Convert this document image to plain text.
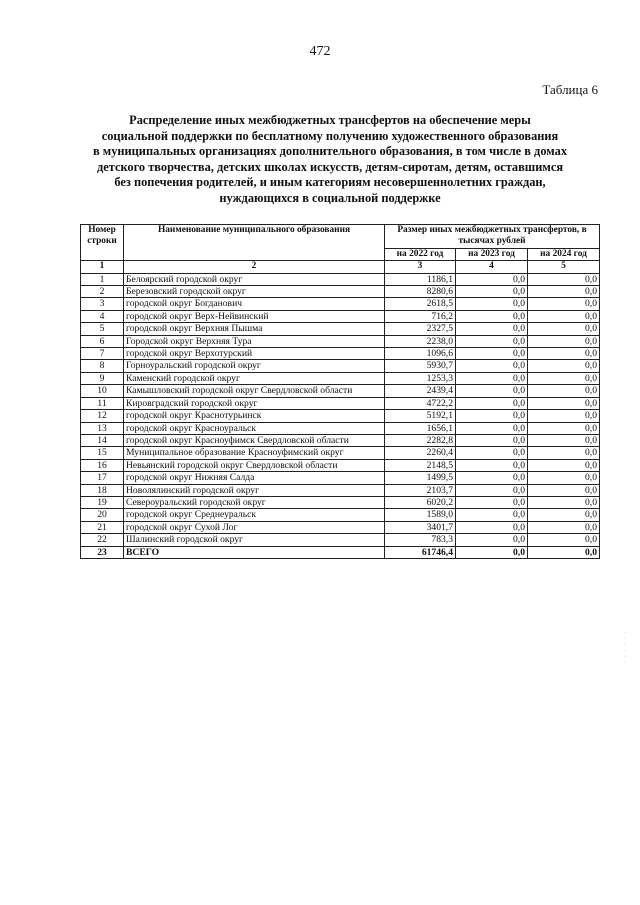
472
Таблица 6
Распределение иных межбюджетных трансфертов на обеспечение меры
социальной поддержки по бесплатному получению художественного образования
в муниципальных организациях дополнительного образования, в том числе в домах
детского творчества, детских школах искусств, детям-сиротам, детям, оставшимся
без попечения родителей, и иным категориям несовершеннолетних граждан,
нуждающихся в социальной поддержке
Номер строки	Наименование муниципального образования	Размер иных межбюджетных трансфертов, в тысячах рублей		
		на 2022 год	на 2023 год	на 2024 год
1	2	3	4	5
1	Белоярский городской округ	1186,1	0,0	0,0
2	Березовский городской округ	8280,6	0,0	0,0
3	городской округ Богданович	2618,5	0,0	0,0
4	городской округ Верх-Нейвинский	716,2	0,0	0,0
5	городской округ Верхняя Пышма	2327,5	0,0	0,0
6	Городской округ Верхняя Тура	2238,0	0,0	0,0
7	городской округ Верхотурский	1096,6	0,0	0,0
8	Горноуральский городской округ	5930,7	0,0	0,0
9	Каменский городской округ	1253,3	0,0	0,0
10	Камышловский городской округ Свердловской области	2439,4	0,0	0,0
11	Кировградский городской округ	4722,2	0,0	0,0
12	городской округ Краснотурьинск	5192,1	0,0	0,0
13	городской округ Красноуральск	1656,1	0,0	0,0
14	городской округ Красноуфимск Свердловской области	2282,8	0,0	0,0
15	Муниципальное образование Красноуфимский округ	2260,4	0,0	0,0
16	Невьянский городской округ Свердловской области	2148,5	0,0	0,0
17	городской округ Нижняя Салда	1499,5	0,0	0,0
18	Новолялинский городской округ	2103,7	0,0	0,0
19	Североуральский городской округ	6020,2	0,0	0,0
20	городской округ Среднеуральск	1589,0	0,0	0,0
21	городской округ Сухой Лог	3401,7	0,0	0,0
22	Шалинский городской округ	783,3	0,0	0,0
23	ВСЕГО	61746,4	0,0	0,0
·
·
·
·
·
·
